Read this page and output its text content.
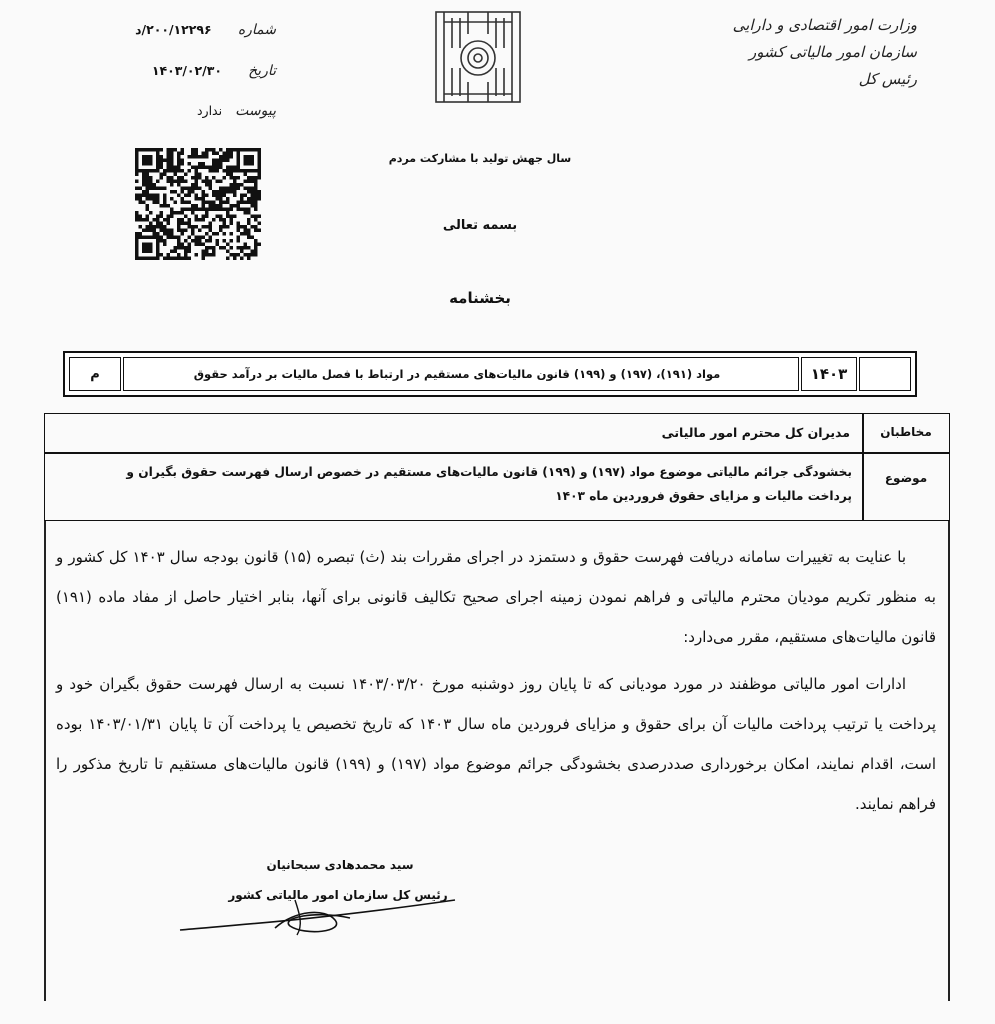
وزارت امور اقتصادی و دارایی
سازمان امور مالیاتی کشور
رئیس کل
شماره      ۲۰۰/۱۲۲۹۶/د
تاریخ      ۱۴۰۳/۰۲/۳۰
پیوست   ندارد
سال جهش تولید با مشارکت مردم
بسمه تعالی
بخشنامه
۱۴۰۳
مواد (۱۹۱)، (۱۹۷) و (۱۹۹) قانون مالیات‌های مستقیم در ارتباط با فصل مالیات بر درآمد حقوق
م
مخاطبان
مدیران کل محترم امور مالیاتی
موضوع
بخشودگی جرائم مالیاتی موضوع مواد (۱۹۷) و (۱۹۹) قانون مالیات‌های مستقیم در خصوص ارسال فهرست حقوق بگیران و
پرداخت مالیات و مزایای حقوق فروردین ماه ۱۴۰۳
با عنایت به تغییرات سامانه دریافت فهرست حقوق و دستمزد در اجرای مقررات بند (ث) تبصره (۱۵) قانون بودجه سال ۱۴۰۳ کل کشور و به منظور تکریم مودیان محترم مالیاتی و فراهم نمودن زمینه اجرای صحیح تکالیف قانونی برای آنها، بنابر اختیار حاصل از مفاد ماده (۱۹۱) قانون مالیات‌های مستقیم، مقرر می‌دارد:
ادارات امور مالیاتی موظفند در مورد مودیانی که تا پایان روز دوشنبه مورخ ۱۴۰۳/۰۳/۲۰ نسبت به ارسال فهرست حقوق بگیران خود و پرداخت یا ترتیب پرداخت مالیات آن برای حقوق و مزایای فروردین ماه سال ۱۴۰۳ که تاریخ تخصیص یا پرداخت آن تا پایان ۱۴۰۳/۰۱/۳۱ بوده است، اقدام نمایند، امکان برخورداری صددرصدی بخشودگی جرائم موضوع مواد (۱۹۷) و (۱۹۹) قانون مالیات‌های مستقیم تا تاریخ مذکور را فراهم نمایند.
سید محمدهادی سبحانیان
رئیس کل سازمان امور مالیاتی کشور
